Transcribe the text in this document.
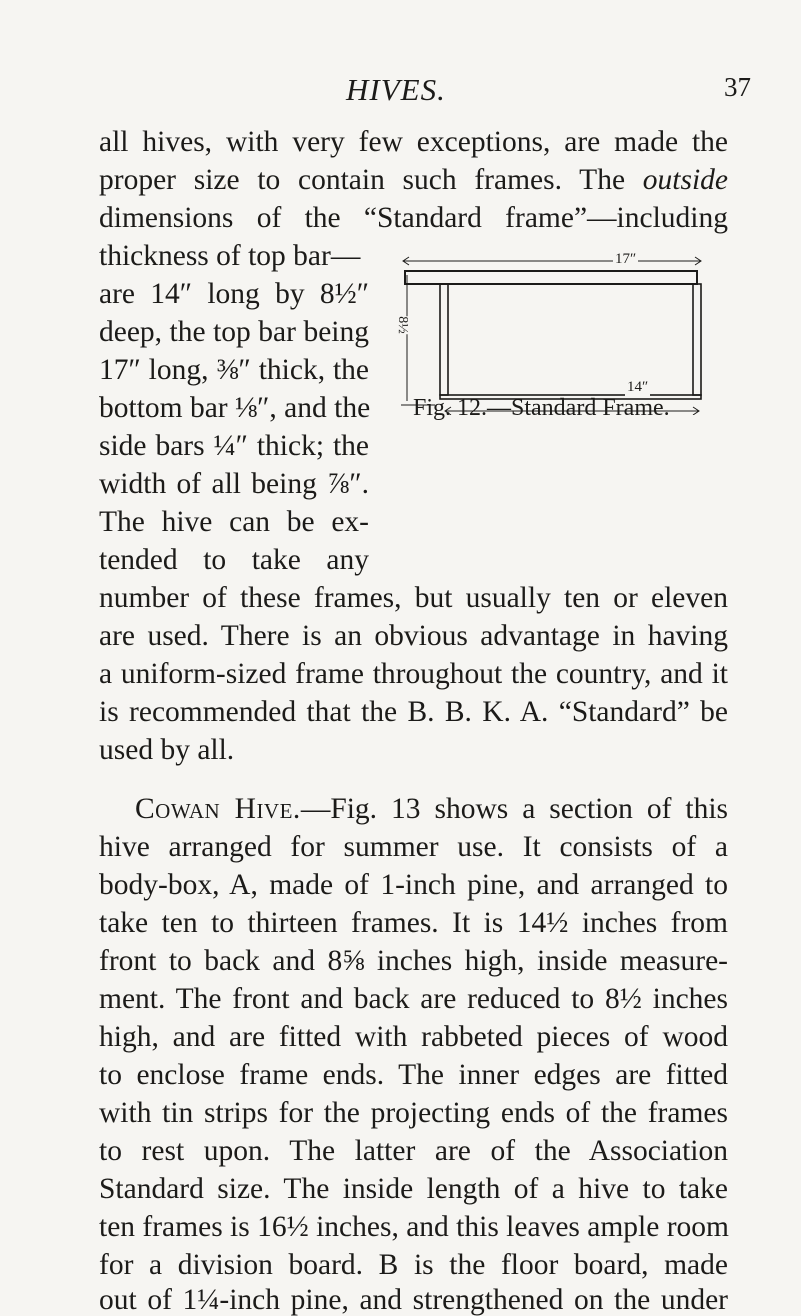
HIVES.	37
all hives, with very few exceptions, are made the
proper size to contain such frames. The outside
dimensions of the “Standard frame”—including
thickness of top bar—
are 14″ long by 8½″
deep, the top bar being
17″ long, ⅜″ thick, the
bottom bar ⅛″, and the
side bars ¼″ thick; the
width of all being ⅞″.
The hive can be ex-
tended to take any
number of these frames, but usually ten or eleven
are used. There is an obvious advantage in having
a uniform-sized frame throughout the country, and it
is recommended that the B. B. K. A. “Standard” be
used by all.
17″
8½
14″
Fig. 12.—Standard Frame.
Cowan Hive.—Fig. 13 shows a section of this
hive arranged for summer use. It consists of a
body-box, A, made of 1-inch pine, and arranged to
take ten to thirteen frames. It is 14½ inches from
front to back and 8⅝ inches high, inside measure-
ment. The front and back are reduced to 8½ inches
high, and are fitted with rabbeted pieces of wood
to enclose frame ends. The inner edges are fitted
with tin strips for the projecting ends of the frames
to rest upon. The latter are of the Association
Standard size. The inside length of a hive to take
ten frames is 16½ inches, and this leaves ample room
for a division board. B is the floor board, made
out of 1¼-inch pine, and strengthened on the under
